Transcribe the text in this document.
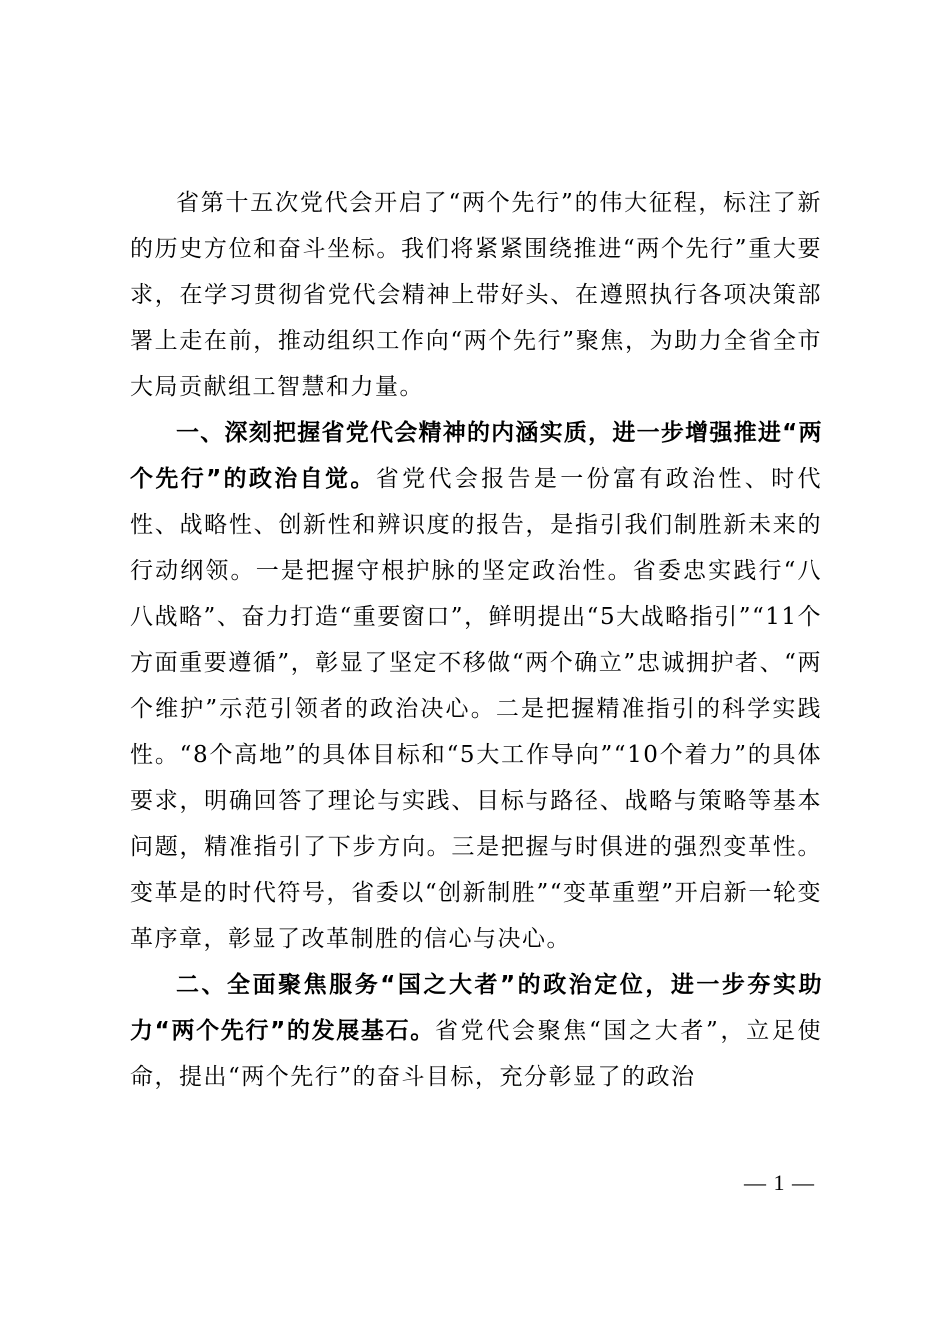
省第十五次党代会开启了“两个先行”的伟大征程，标注了新的历史方位和奋斗坐标。我们将紧紧围绕推进“两个先行”重大要求，在学习贯彻省党代会精神上带好头、在遵照执行各项决策部署上走在前，推动组织工作向“两个先行”聚焦，为助力全省全市大局贡献组工智慧和力量。

一、深刻把握省党代会精神的内涵实质，进一步增强推进“两个先行”的政治自觉。省党代会报告是一份富有政治性、时代性、战略性、创新性和辨识度的报告，是指引我们制胜新未来的行动纲领。一是把握守根护脉的坚定政治性。省委忠实践行“八八战略”、奋力打造“重要窗口”，鲜明提出“5大战略指引”“11个方面重要遵循”，彰显了坚定不移做“两个确立”忠诚拥护者、“两个维护”示范引领者的政治决心。二是把握精准指引的科学实践性。“8个高地”的具体目标和“5大工作导向”“10个着力”的具体要求，明确回答了理论与实践、目标与路径、战略与策略等基本问题，精准指引了下步方向。三是把握与时俱进的强烈变革性。变革是的时代符号，省委以“创新制胜”“变革重塑”开启新一轮变革序章，彰显了改革制胜的信心与决心。

二、全面聚焦服务“国之大者”的政治定位，进一步夯实助力“两个先行”的发展基石。省党代会聚焦“国之大者”，立足使命，提出“两个先行”的奋斗目标，充分彰显了的政治

— 1 —
